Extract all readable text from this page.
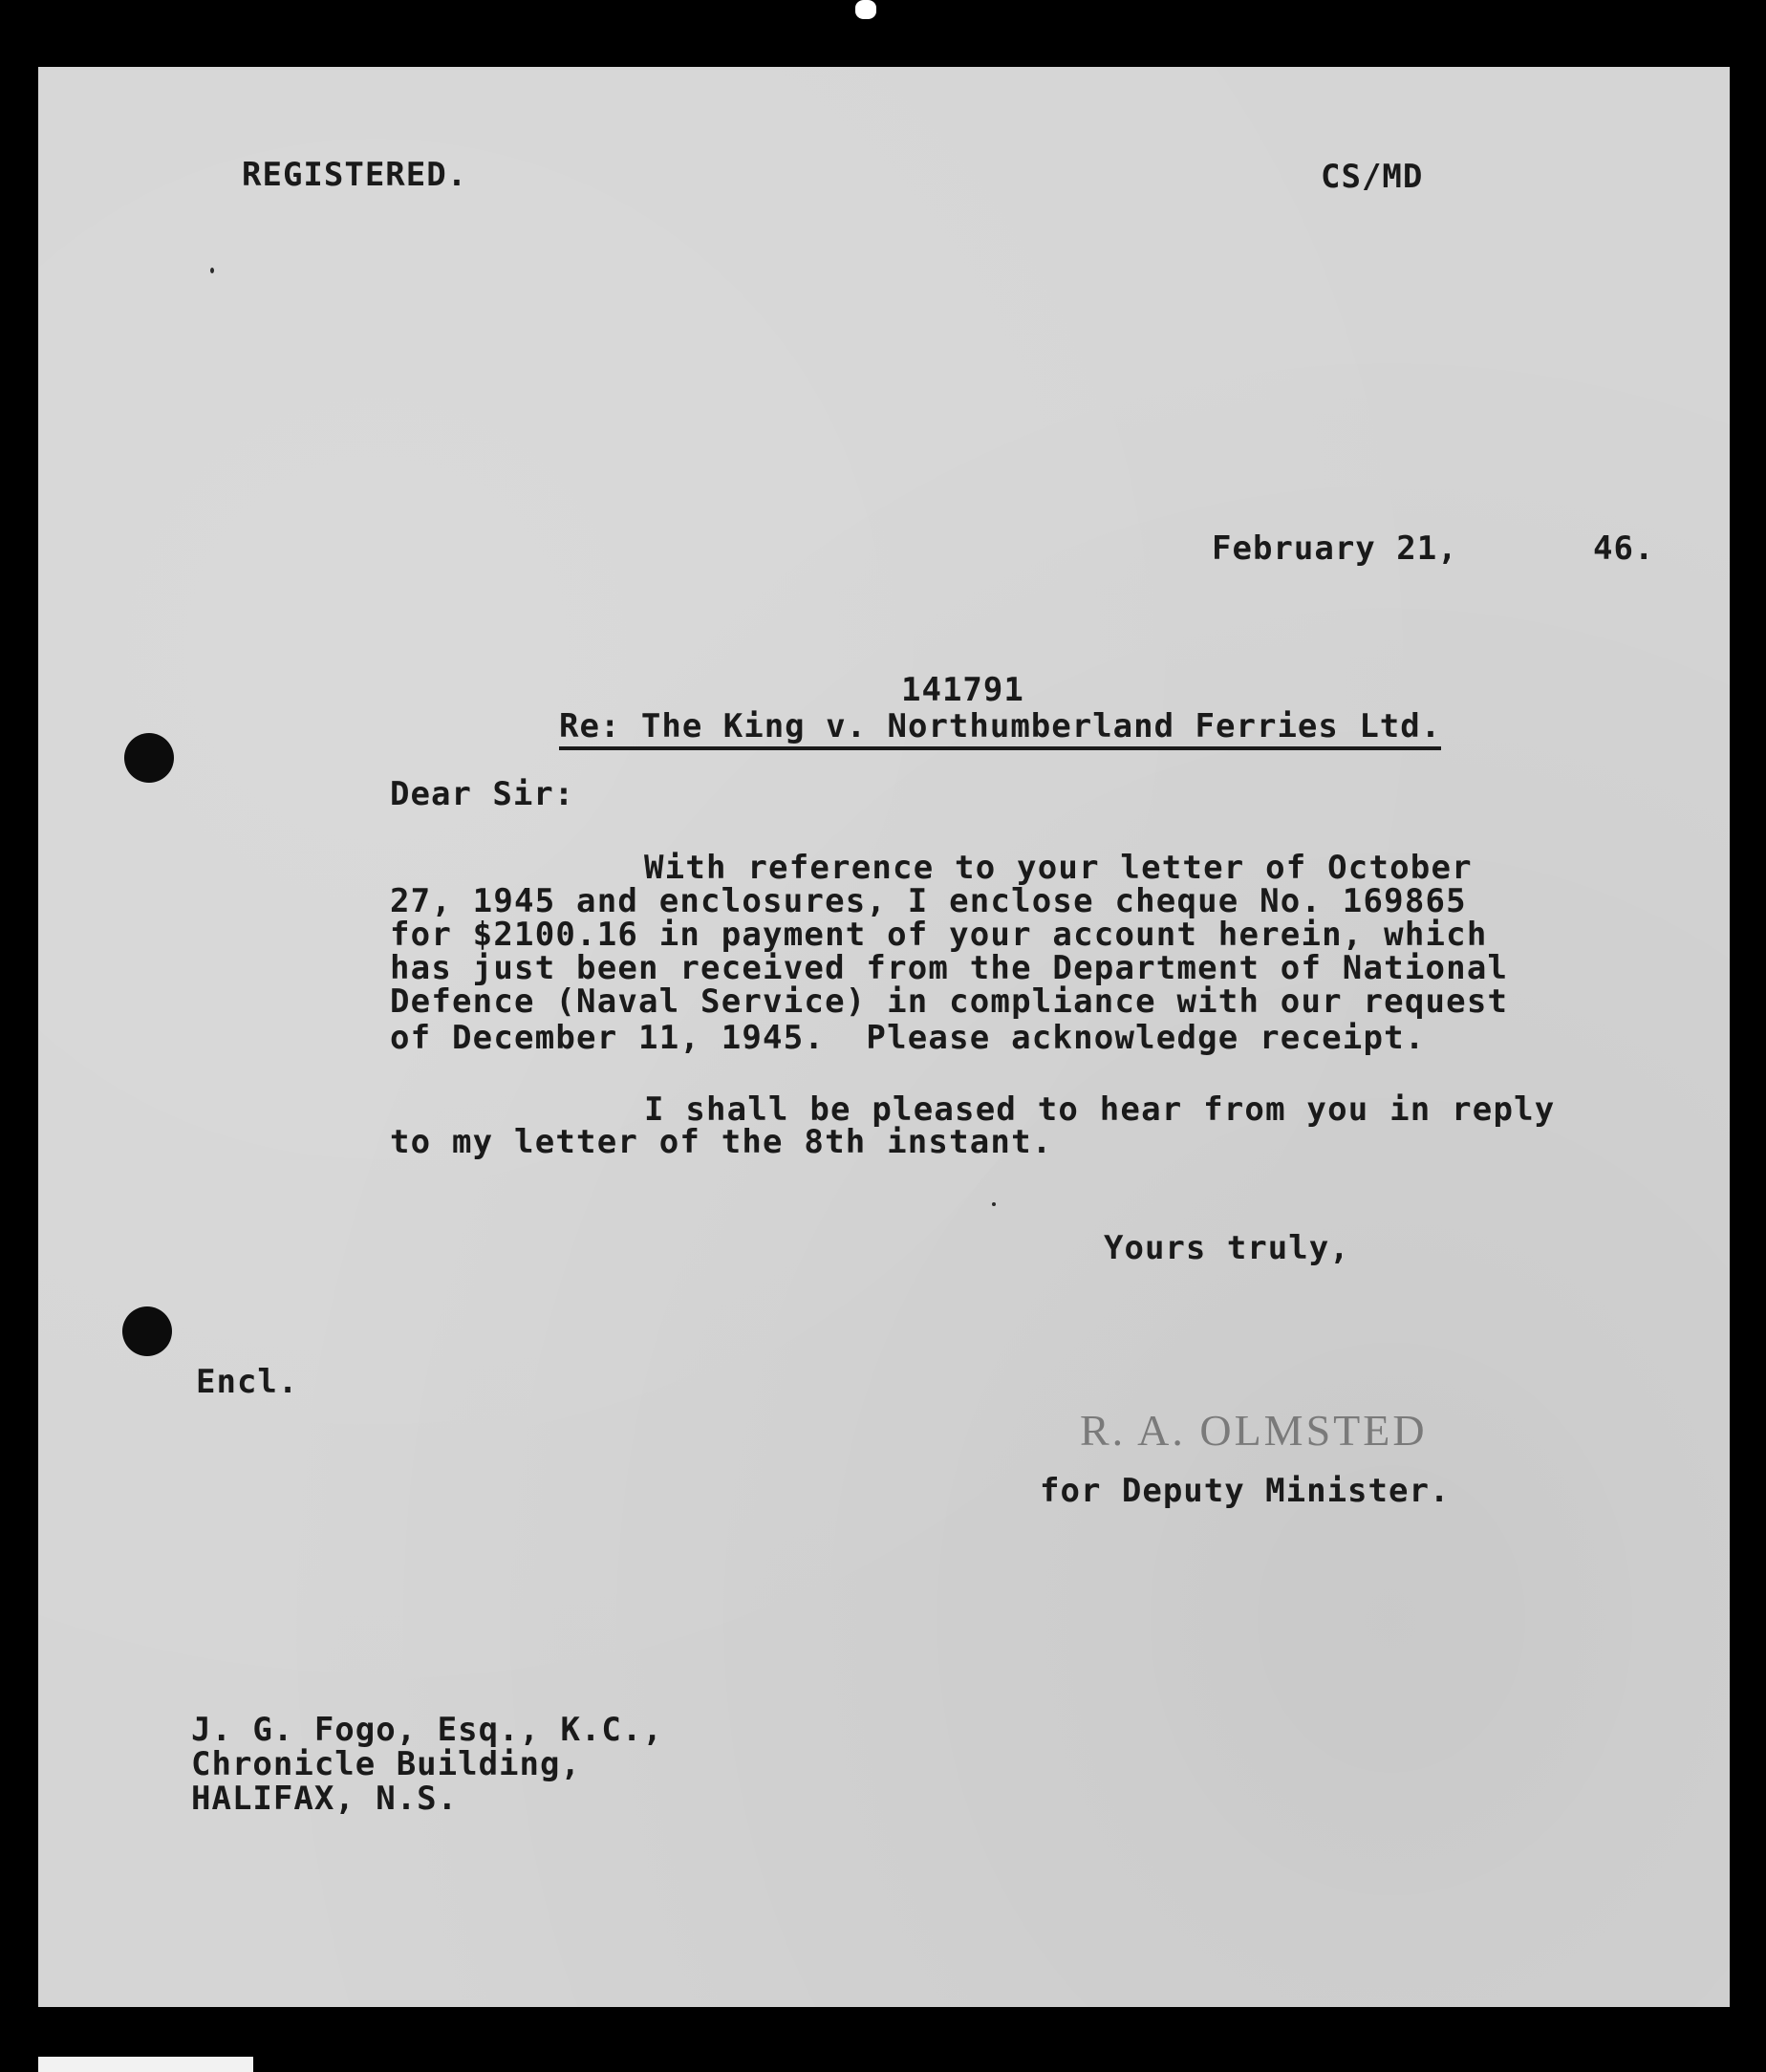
REGISTERED.	CS/MD
February 21,	46.
141791
Re: The King v. Northumberland Ferries Ltd.
Dear Sir:
With reference to your letter of October
27, 1945 and enclosures, I enclose cheque No. 169865
for $2100.16 in payment of your account herein, which
has just been received from the Department of National
Defence (Naval Service) in compliance with our request
of December 11, 1945.  Please acknowledge receipt.
I shall be pleased to hear from you in reply
to my letter of the 8th instant.
Yours truly,
Encl.
R. A. OLMSTED
for Deputy Minister.
J. G. Fogo, Esq., K.C.,
Chronicle Building,
HALIFAX, N.S.
